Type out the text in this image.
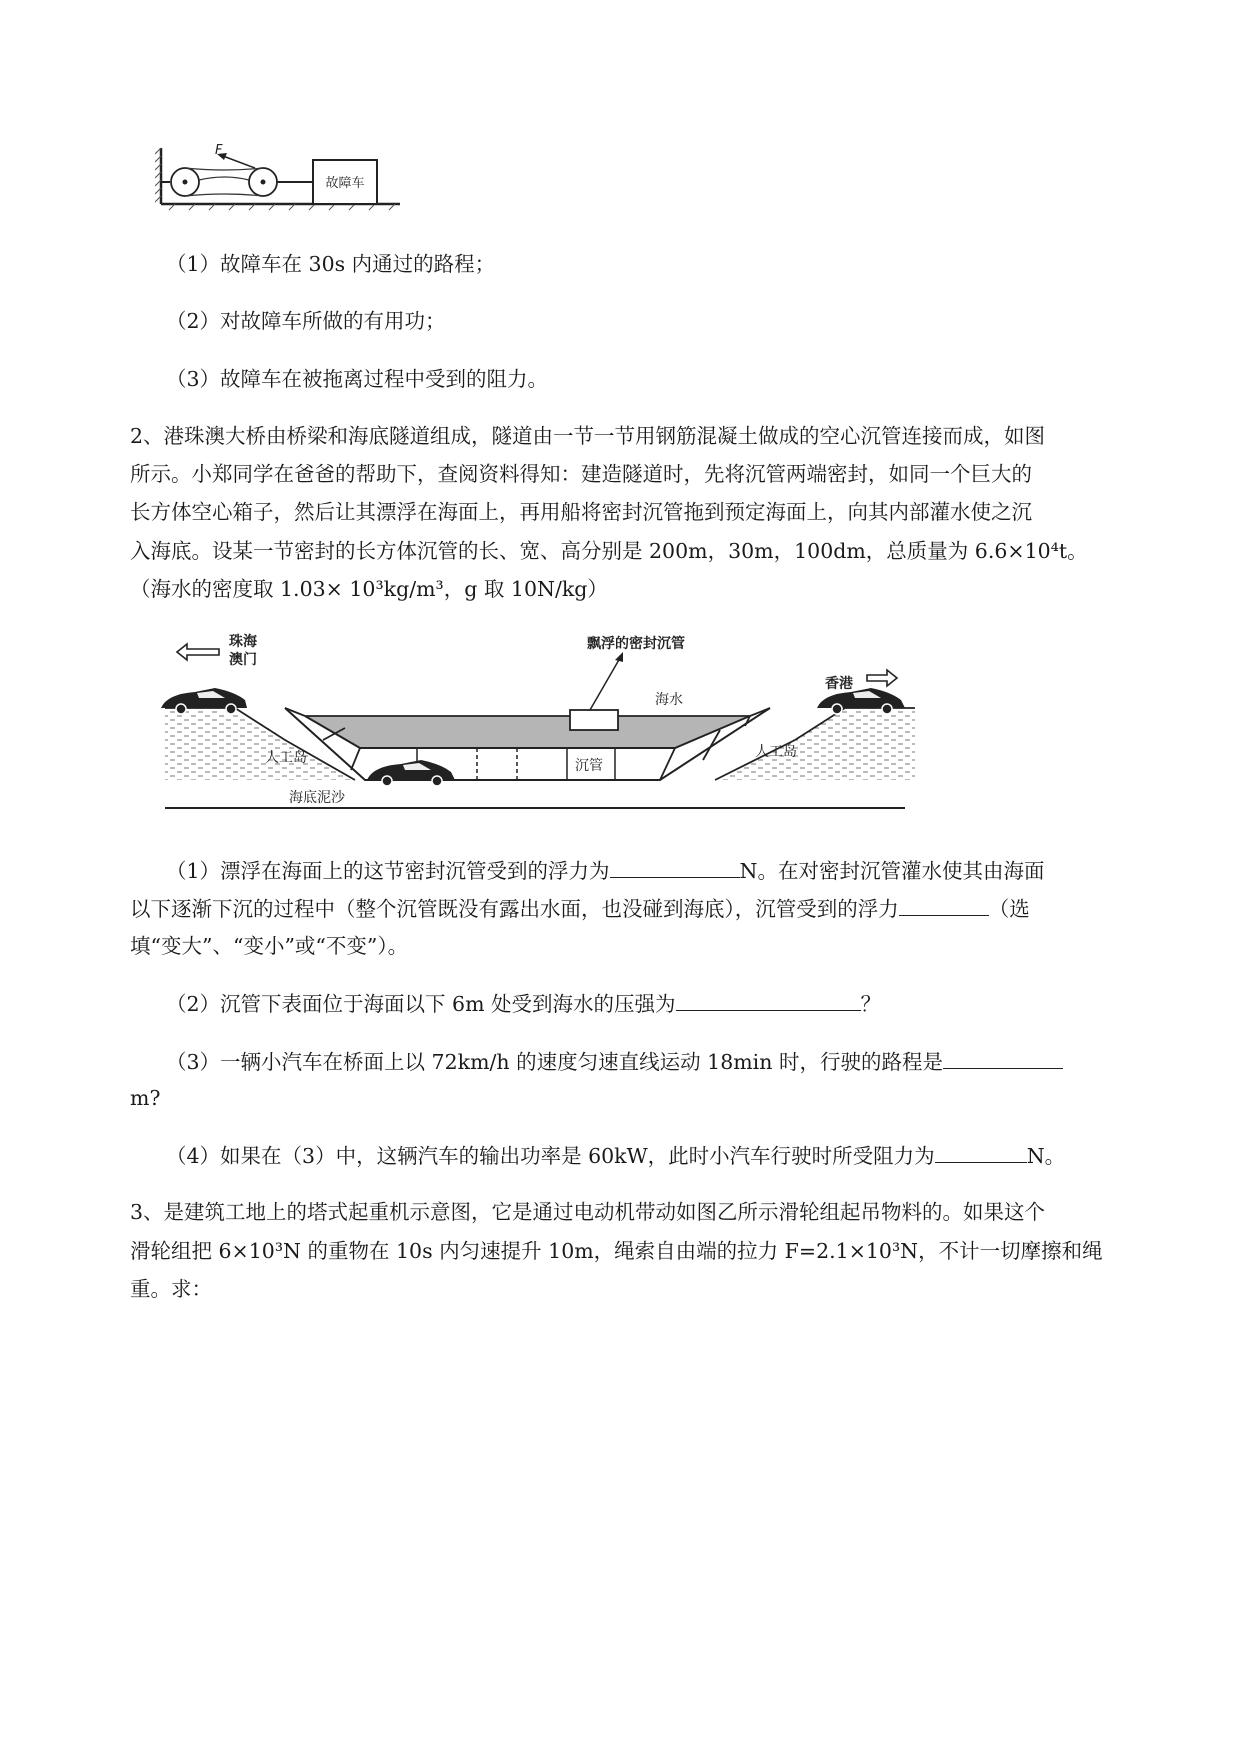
F
故障车
（1）故障车在 30s 内通过的路程；
（2）对故障车所做的有用功；
（3）故障车在被拖离过程中受到的阻力。
2、港珠澳大桥由桥梁和海底隧道组成，隧道由一节一节用钢筋混凝土做成的空心沉管连接而成，如图
所示。小郑同学在爸爸的帮助下，查阅资料得知：建造隧道时，先将沉管两端密封，如同一个巨大的
长方体空心箱子，然后让其漂浮在海面上，再用船将密封沉管拖到预定海面上，向其内部灌水使之沉
入海底。设某一节密封的长方体沉管的长、宽、高分别是 200m，30m，100dm，总质量为 6.6×10⁴t。
（海水的密度取 1.03× 10³kg/m³，g 取 10N/kg）
珠海
澳门
飘浮的密封沉管
海水
香港
人工岛	人工岛
沉管
海底泥沙
（1）漂浮在海面上的这节密封沉管受到的浮力为	N。在对密封沉管灌水使其由海面
以下逐渐下沉的过程中（整个沉管既没有露出水面，也没碰到海底），沉管受到的浮力	（选
填“变大”、“变小”或“不变”）。
（2）沉管下表面位于海面以下 6m 处受到海水的压强为	？
（3）一辆小汽车在桥面上以 72km/h 的速度匀速直线运动 18min 时，行驶的路程是
m?
（4）如果在（3）中，这辆汽车的输出功率是 60kW，此时小汽车行驶时所受阻力为	N。
3、是建筑工地上的塔式起重机示意图，它是通过电动机带动如图乙所示滑轮组起吊物料的。如果这个
滑轮组把 6×10³N 的重物在 10s 内匀速提升 10m，绳索自由端的拉力 F=2.1×10³N，不计一切摩擦和绳
重。求：
